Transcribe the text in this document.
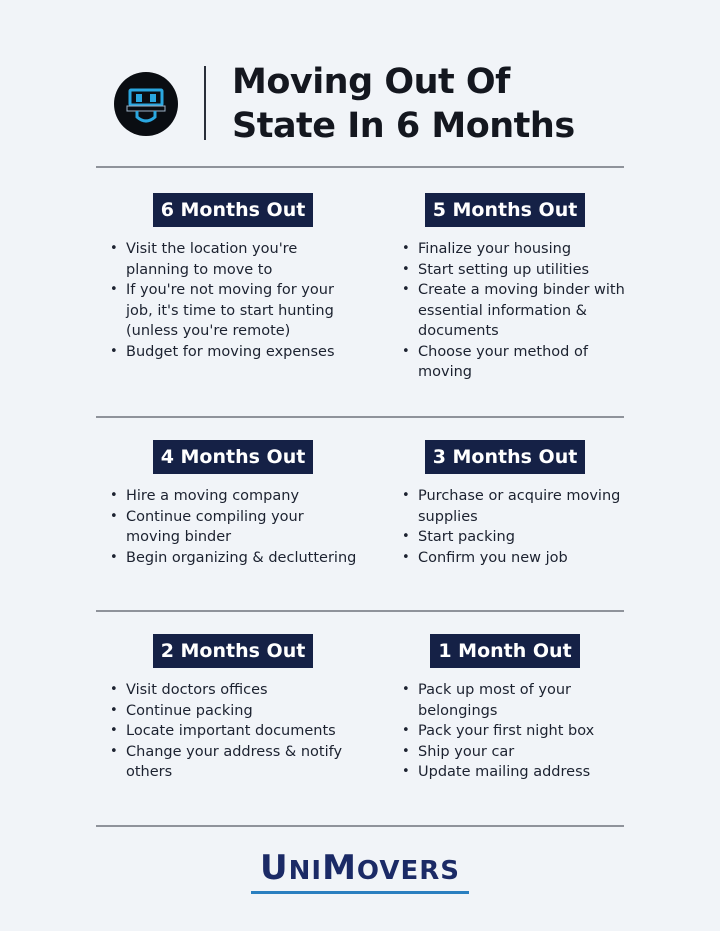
Moving Out Of
State In 6 Months
6 Months Out
• Visit the location you're planning to move to
• If you're not moving for your job, it's time to start hunting (unless you're remote)
• Budget for moving expenses
5 Months Out
• Finalize your housing
• Start setting up utilities
• Create a moving binder with essential information & documents
• Choose your method of moving
4 Months Out
• Hire a moving company
• Continue compiling your moving binder
• Begin organizing & decluttering
3 Months Out
• Purchase or acquire moving supplies
• Start packing
• Confirm you new job
2 Months Out
• Visit doctors offices
• Continue packing
• Locate important documents
• Change your address & notify others
1 Month Out
• Pack up most of your belongings
• Pack your first night box
• Ship your car
• Update mailing address
UNIMOVERS
